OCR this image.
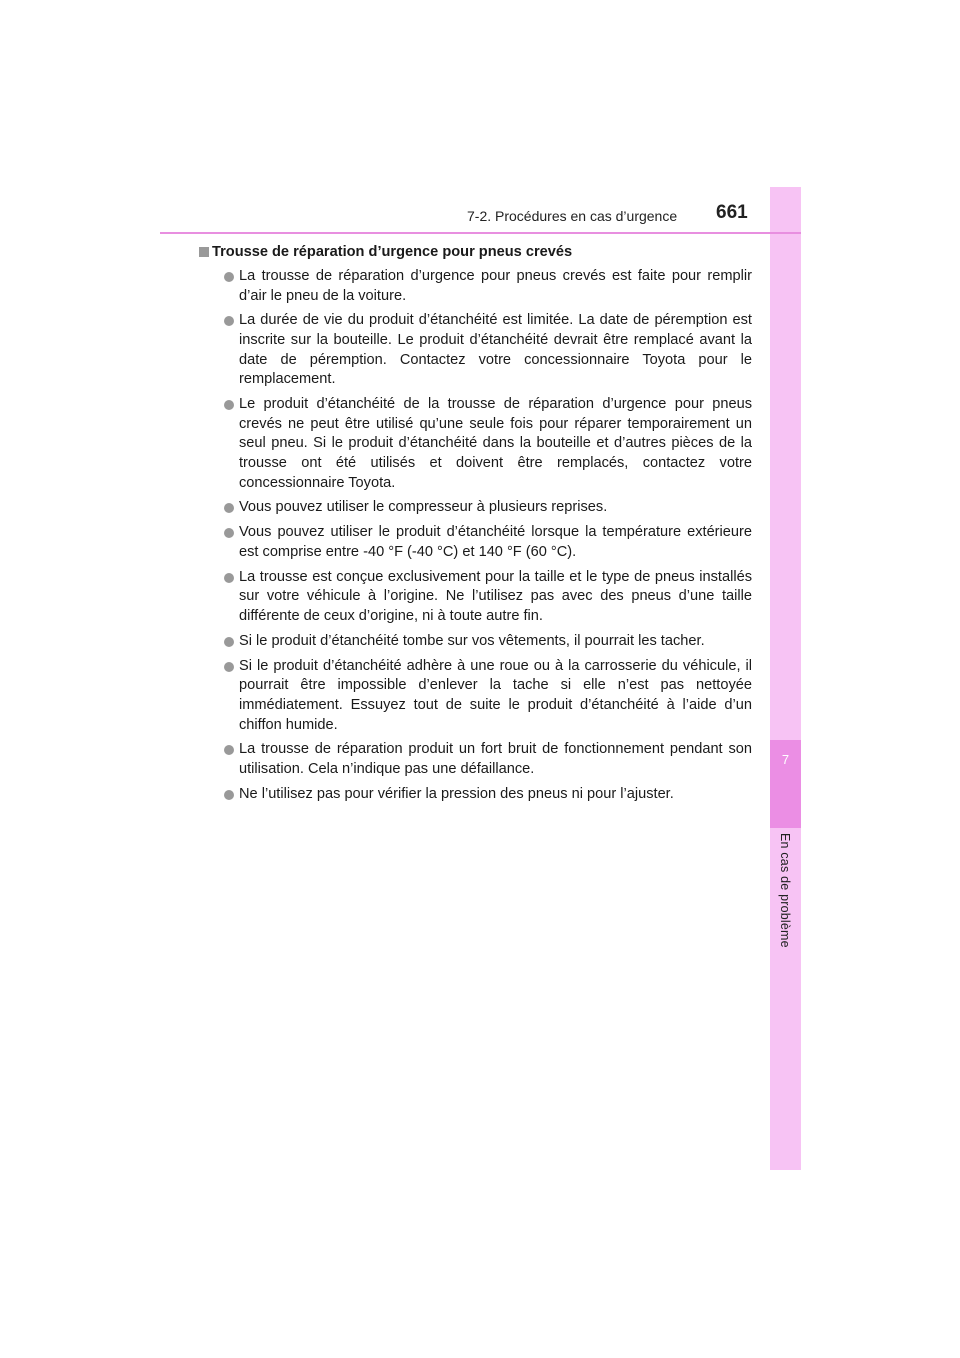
7
En cas de problème
7-2. Procédures en cas d’urgence 661
Trousse de réparation d’urgence pour pneus crevés
La trousse de réparation d’urgence pour pneus crevés est faite pour remplir d’air le pneu de la voiture.
La durée de vie du produit d’étanchéité est limitée. La date de péremption est inscrite sur la bouteille. Le produit d’étanchéité devrait être remplacé avant la date de péremption. Contactez votre concessionnaire Toyota pour le remplacement.
Le produit d’étanchéité de la trousse de réparation d’urgence pour pneus crevés ne peut être utilisé qu’une seule fois pour réparer temporairement un seul pneu. Si le produit d’étanchéité dans la bouteille et d’autres pièces de la trousse ont été utilisés et doivent être remplacés, contactez votre concessionnaire Toyota.
Vous pouvez utiliser le compresseur à plusieurs reprises.
Vous pouvez utiliser le produit d’étanchéité lorsque la température extérieure est comprise entre -40 °F (-40 °C) et 140 °F (60 °C).
La trousse est conçue exclusivement pour la taille et le type de pneus installés sur votre véhicule à l’origine. Ne l’utilisez pas avec des pneus d’une taille différente de ceux d’origine, ni à toute autre fin.
Si le produit d’étanchéité tombe sur vos vêtements, il pourrait les tacher.
Si le produit d’étanchéité adhère à une roue ou à la carrosserie du véhicule, il pourrait être impossible d’enlever la tache si elle n’est pas nettoyée immédiatement. Essuyez tout de suite le produit d’étanchéité à l’aide d’un chiffon humide.
La trousse de réparation produit un fort bruit de fonctionnement pendant son utilisation. Cela n’indique pas une défaillance.
Ne l’utilisez pas pour vérifier la pression des pneus ni pour l’ajuster.
